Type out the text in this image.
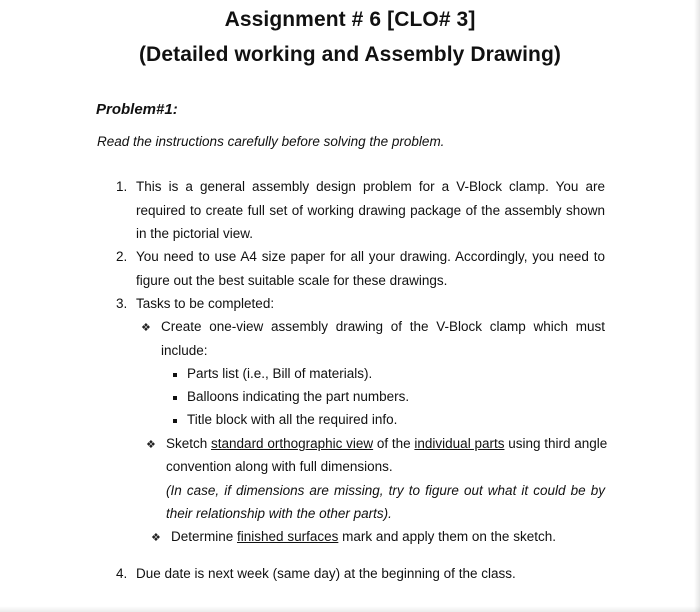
Assignment # 6 [CLO# 3]
(Detailed working and Assembly Drawing)
Problem#1:
Read the instructions carefully before solving the problem.
1. This is a general assembly design problem for a V-Block clamp. You are
required to create full set of working drawing package of the assembly shown
in the pictorial view.
2. You need to use A4 size paper for all your drawing. Accordingly, you need to
figure out the best suitable scale for these drawings.
3. Tasks to be completed:
❖ Create one-view assembly drawing of the V-Block clamp which must
include:
Parts list (i.e., Bill of materials).
Balloons indicating the part numbers.
Title block with all the required info.
❖ Sketch standard orthographic view of the individual parts using third angle
convention along with full dimensions.
(In case, if dimensions are missing, try to figure out what it could be by
their relationship with the other parts).
❖ Determine finished surfaces mark and apply them on the sketch.
4. Due date is next week (same day) at the beginning of the class.
